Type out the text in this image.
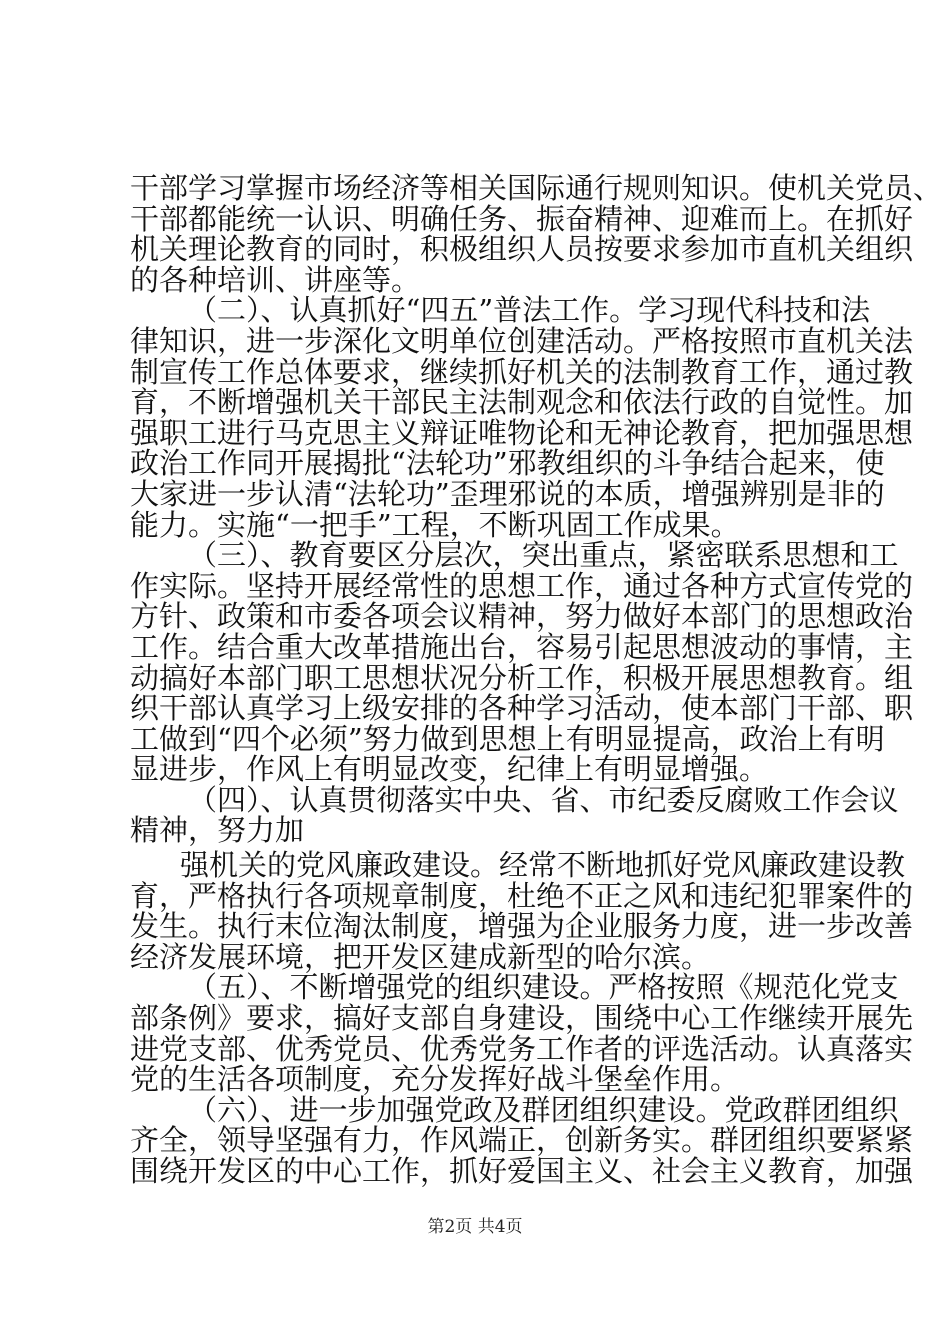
干部学习掌握市场经济等相关国际通行规则知识。使机关党员、
干部都能统一认识、明确任务、振奋精神、迎难而上。在抓好
机关理论教育的同时，积极组织人员按要求参加市直机关组织
的各种培训、讲座等。
（二）、认真抓好“四五”普法工作。学习现代科技和法
律知识，进一步深化文明单位创建活动。严格按照市直机关法
制宣传工作总体要求，继续抓好机关的法制教育工作，通过教
育，不断增强机关干部民主法制观念和依法行政的自觉性。加
强职工进行马克思主义辩证唯物论和无神论教育，把加强思想
政治工作同开展揭批“法轮功”邪教组织的斗争结合起来，使
大家进一步认清“法轮功”歪理邪说的本质，增强辨别是非的
能力。实施“一把手”工程，不断巩固工作成果。
（三）、教育要区分层次，突出重点，紧密联系思想和工
作实际。坚持开展经常性的思想工作，通过各种方式宣传党的
方针、政策和市委各项会议精神，努力做好本部门的思想政治
工作。结合重大改革措施出台，容易引起思想波动的事情，主
动搞好本部门职工思想状况分析工作，积极开展思想教育。组
织干部认真学习上级安排的各种学习活动，使本部门干部、职
工做到“四个必须”努力做到思想上有明显提高，政治上有明
显进步，作风上有明显改变，纪律上有明显增强。
（四）、认真贯彻落实中央、省、市纪委反腐败工作会议
精神，努力加
强机关的党风廉政建设。经常不断地抓好党风廉政建设教
育，严格执行各项规章制度，杜绝不正之风和违纪犯罪案件的
发生。执行末位淘汰制度，增强为企业服务力度，进一步改善
经济发展环境，把开发区建成新型的哈尔滨。
（五）、不断增强党的组织建设。严格按照《规范化党支
部条例》要求，搞好支部自身建设，围绕中心工作继续开展先
进党支部、优秀党员、优秀党务工作者的评选活动。认真落实
党的生活各项制度，充分发挥好战斗堡垒作用。
（六）、进一步加强党政及群团组织建设。党政群团组织
齐全，领导坚强有力，作风端正，创新务实。群团组织要紧紧
围绕开发区的中心工作，抓好爱国主义、社会主义教育，加强
第2页 共4页
